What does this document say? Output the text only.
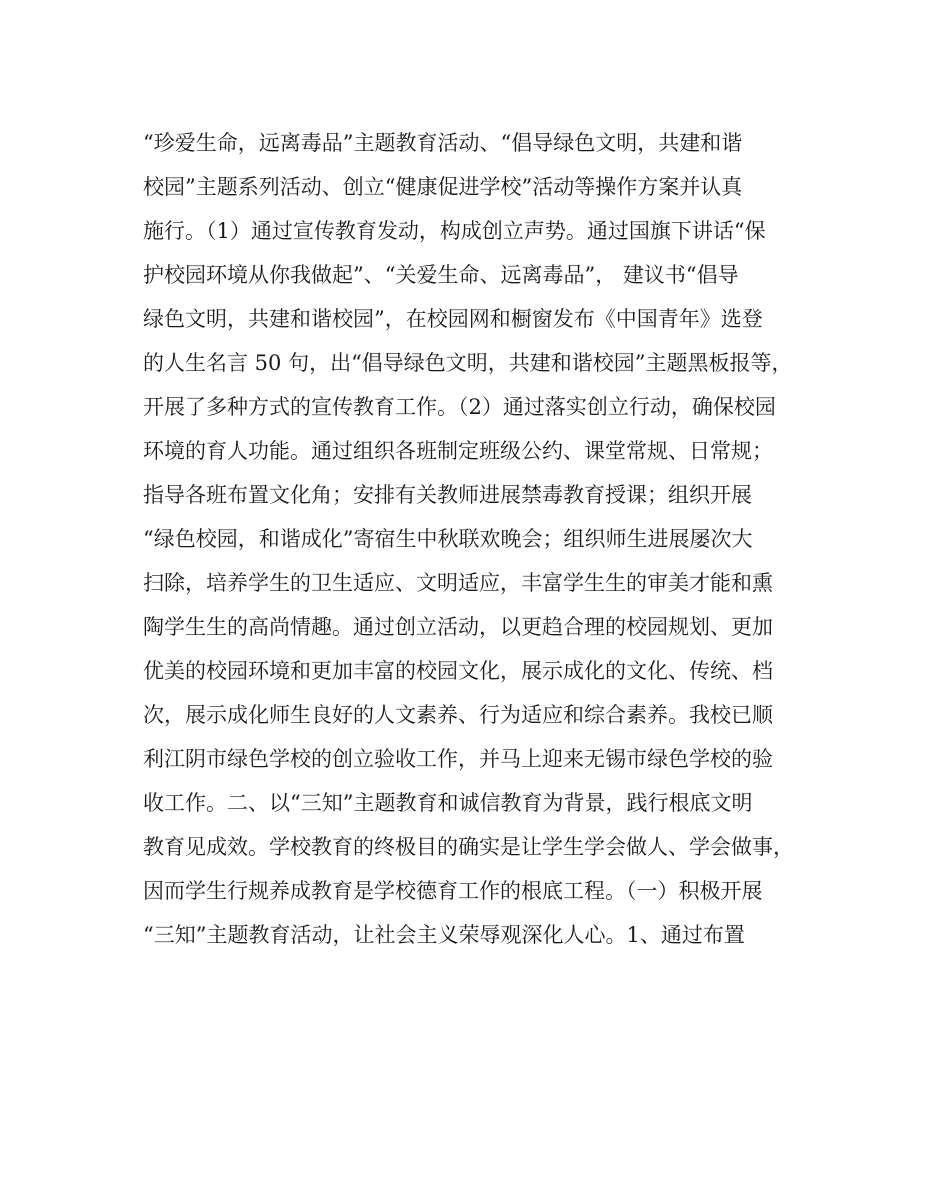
“珍爱生命，远离毒品”主题教育活动、“倡导绿色文明，共建和谐
校园”主题系列活动、创立“健康促进学校”活动等操作方案并认真
施行。（1）通过宣传教育发动，构成创立声势。通过国旗下讲话“保
护校园环境从你我做起”、“关爱生命、远离毒品”， 建议书“倡导
绿色文明，共建和谐校园”，在校园网和橱窗发布《中国青年》选登
的人生名言 50 句，出“倡导绿色文明，共建和谐校园”主题黑板报等，
开展了多种方式的宣传教育工作。（2）通过落实创立行动，确保校园
环境的育人功能。通过组织各班制定班级公约、课堂常规、日常规；
指导各班布置文化角；安排有关教师进展禁毒教育授课；组织开展
“绿色校园，和谐成化”寄宿生中秋联欢晚会；组织师生进展屡次大
扫除，培养学生的卫生适应、文明适应，丰富学生生的审美才能和熏
陶学生生的高尚情趣。通过创立活动，以更趋合理的校园规划、更加
优美的校园环境和更加丰富的校园文化，展示成化的文化、传统、档
次，展示成化师生良好的人文素养、行为适应和综合素养。我校已顺
利江阴市绿色学校的创立验收工作，并马上迎来无锡市绿色学校的验
收工作。二、以“三知”主题教育和诚信教育为背景，践行根底文明
教育见成效。学校教育的终极目的确实是让学生学会做人、学会做事，
因而学生行规养成教育是学校德育工作的根底工程。（一）积极开展
“三知”主题教育活动，让社会主义荣辱观深化人心。1、通过布置
